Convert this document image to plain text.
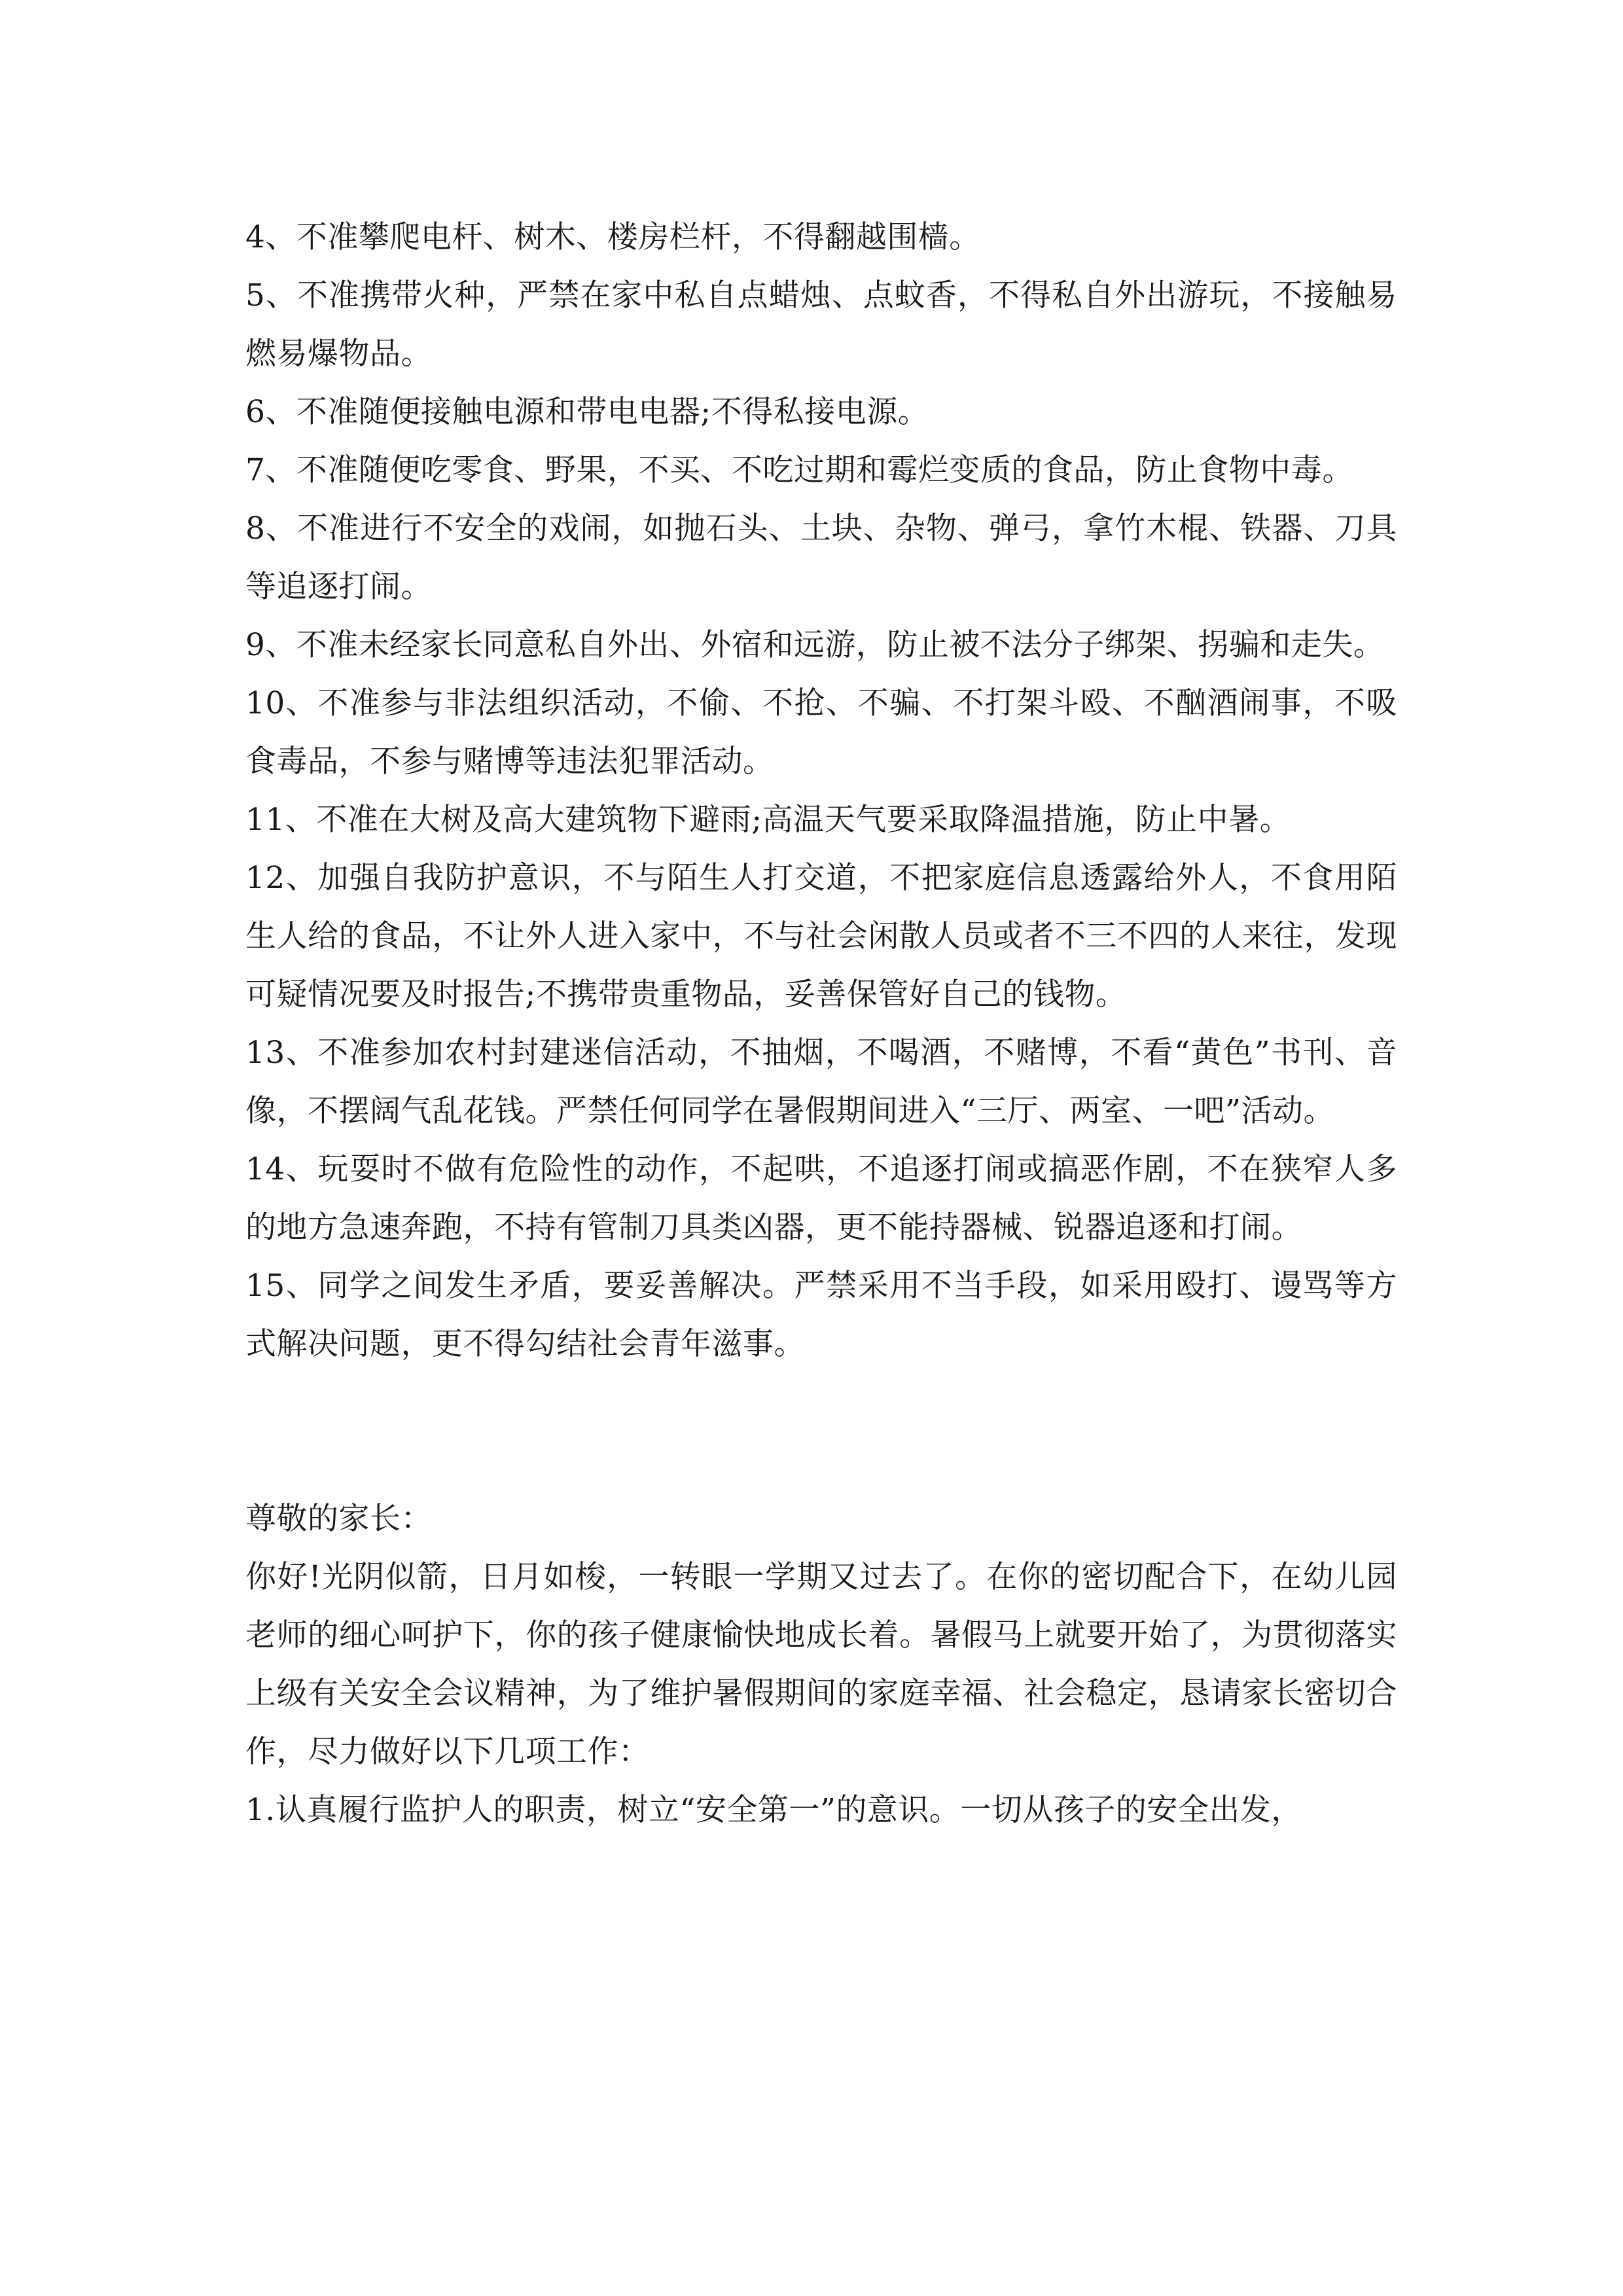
4、不准攀爬电杆、树木、楼房栏杆，不得翻越围樯。

5、不准携带火种，严禁在家中私自点蜡烛、点蚊香，不得私自外出游玩，不接触易燃易爆物品。

6、不准随便接触电源和带电电器;不得私接电源。

7、不准随便吃零食、野果，不买、不吃过期和霉烂变质的食品，防止食物中毒。

8、不准进行不安全的戏闹，如抛石头、土块、杂物、弹弓，拿竹木棍、铁器、刀具等追逐打闹。

9、不准未经家长同意私自外出、外宿和远游，防止被不法分子绑架、拐骗和走失。

10、不准参与非法组织活动，不偷、不抢、不骗、不打架斗殴、不酗酒闹事，不吸食毒品，不参与赌博等违法犯罪活动。

11、不准在大树及高大建筑物下避雨;高温天气要采取降温措施，防止中暑。

12、加强自我防护意识，不与陌生人打交道，不把家庭信息透露给外人，不食用陌生人给的食品，不让外人进入家中，不与社会闲散人员或者不三不四的人来往，发现可疑情况要及时报告;不携带贵重物品，妥善保管好自己的钱物。

13、不准参加农村封建迷信活动，不抽烟，不喝酒，不赌博，不看“黄色”书刊、音像，不摆阔气乱花钱。严禁任何同学在暑假期间进入“三厅、两室、一吧”活动。

14、玩耍时不做有危险性的动作，不起哄，不追逐打闹或搞恶作剧，不在狭窄人多的地方急速奔跑，不持有管制刀具类凶器，更不能持器械、锐器追逐和打闹。

15、同学之间发生矛盾，要妥善解决。严禁采用不当手段，如采用殴打、谩骂等方式解决问题，更不得勾结社会青年滋事。

尊敬的家长：

你好!光阴似箭，日月如梭，一转眼一学期又过去了。在你的密切配合下，在幼儿园老师的细心呵护下，你的孩子健康愉快地成长着。暑假马上就要开始了，为贯彻落实上级有关安全会议精神，为了维护暑假期间的家庭幸福、社会稳定，恳请家长密切合作，尽力做好以下几项工作：

1.认真履行监护人的职责，树立“安全第一”的意识。一切从孩子的安全出发，
